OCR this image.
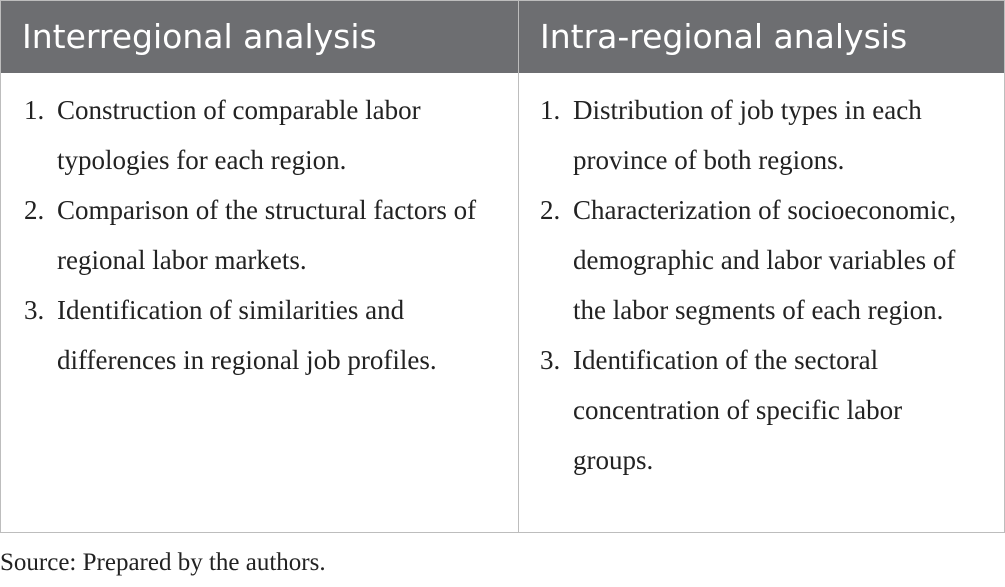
Interregional analysis	Intra-regional analysis
1. Construction of comparable labor typologies for each region.
2. Comparison of the structural factors of regional labor markets.
3. Identification of similarities and differences in regional job profiles.
1. Distribution of job types in each province of both regions.
2. Characterization of socioeconomic, demographic and labor variables of the labor segments of each region.
3. Identification of the sectoral concentration of specific labor groups.
Source: Prepared by the authors.
